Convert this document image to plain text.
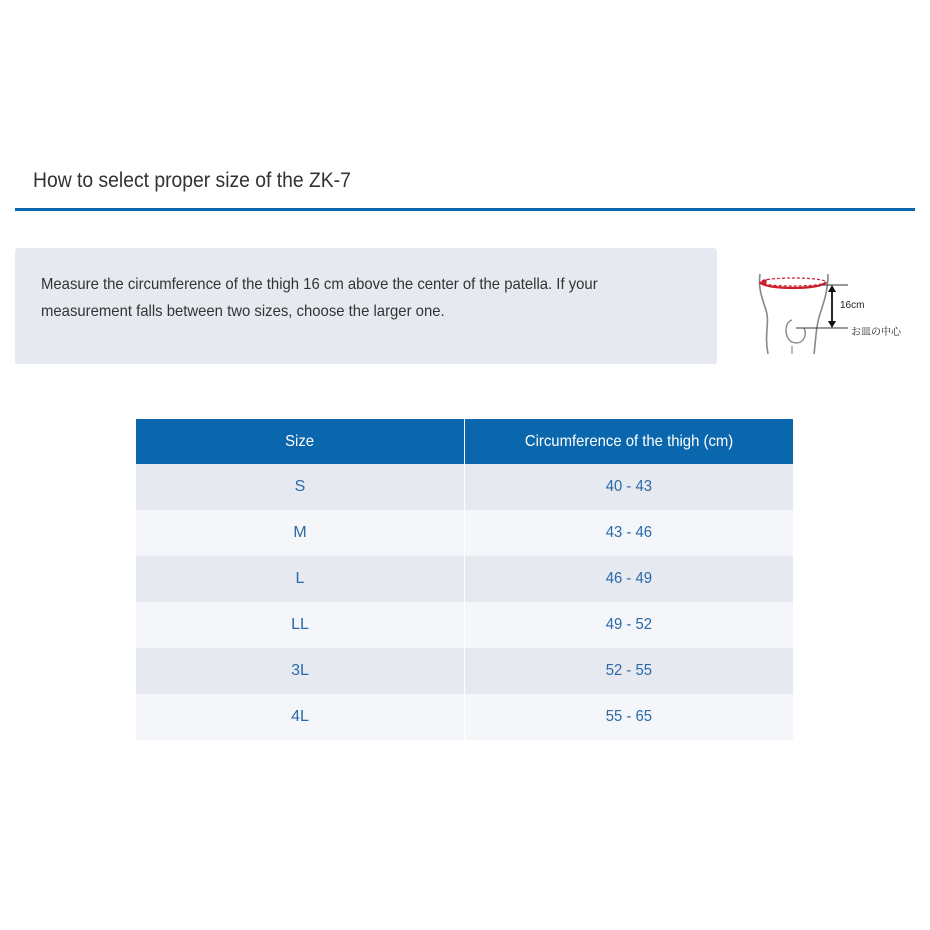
How to select proper size of the ZK-7
Measure the circumference of the thigh 16 cm above the center of the patella. If your
measurement falls between two sizes, choose the larger one.	16cm
お皿の中心
Size	Circumference of the thigh (cm)
S	40 - 43
M	43 - 46
L	46 - 49
LL	49 - 52
3L	52 - 55
4L	55 - 65
